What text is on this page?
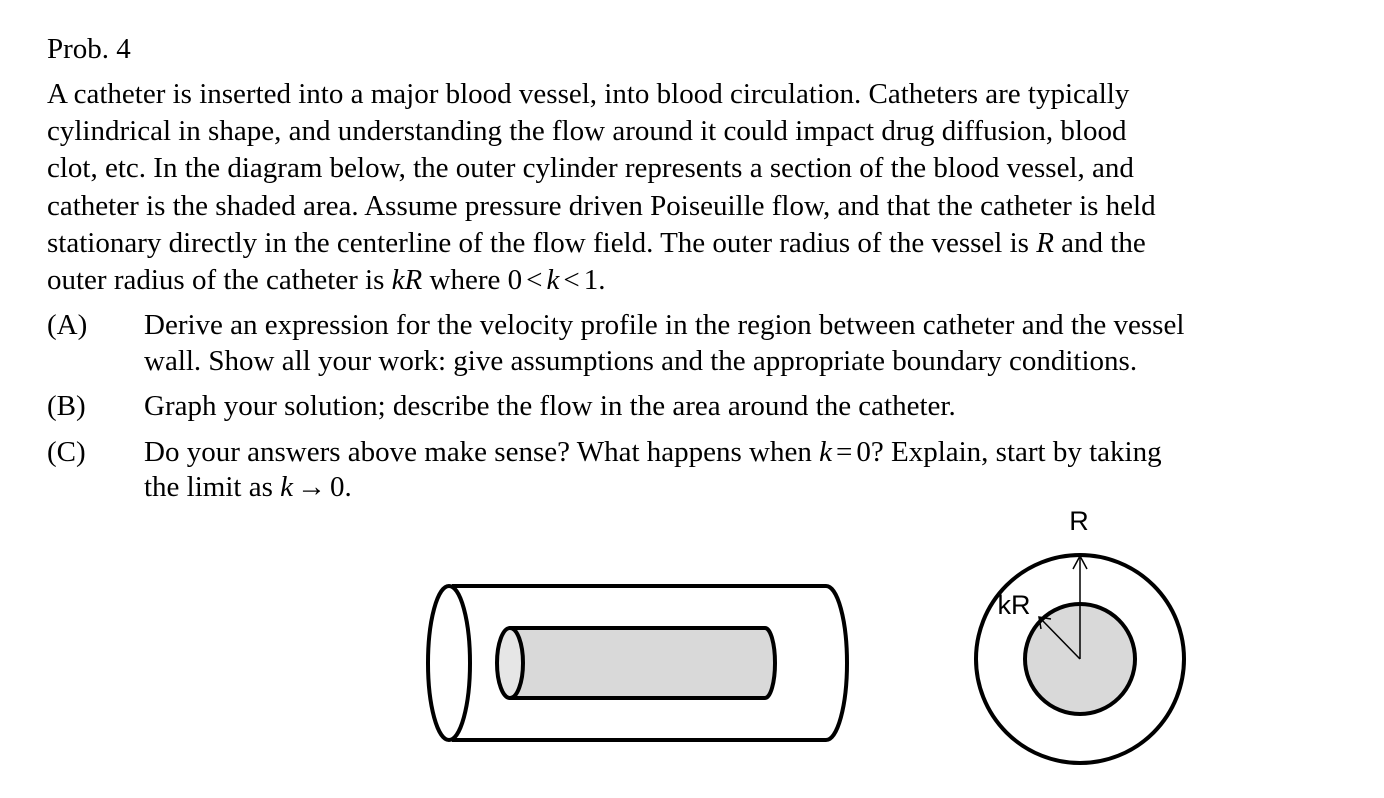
Prob. 4
A catheter is inserted into a major blood vessel, into blood circulation. Catheters are typically
cylindrical in shape, and understanding the flow around it could impact drug diffusion, blood
clot, etc. In the diagram below, the outer cylinder represents a section of the blood vessel, and
catheter is the shaded area. Assume pressure driven Poiseuille flow, and that the catheter is held
stationary directly in the centerline of the flow field. The outer radius of the vessel is R and the
outer radius of the catheter is kR where 0 < k < 1.
(A)	Derive an expression for the velocity profile in the region between catheter and the vessel
wall. Show all your work: give assumptions and the appropriate boundary conditions.
(B)	Graph your solution; describe the flow in the area around the catheter.
(C)	Do your answers above make sense? What happens when k = 0? Explain, start by taking
the limit as k → 0.
R
kR
